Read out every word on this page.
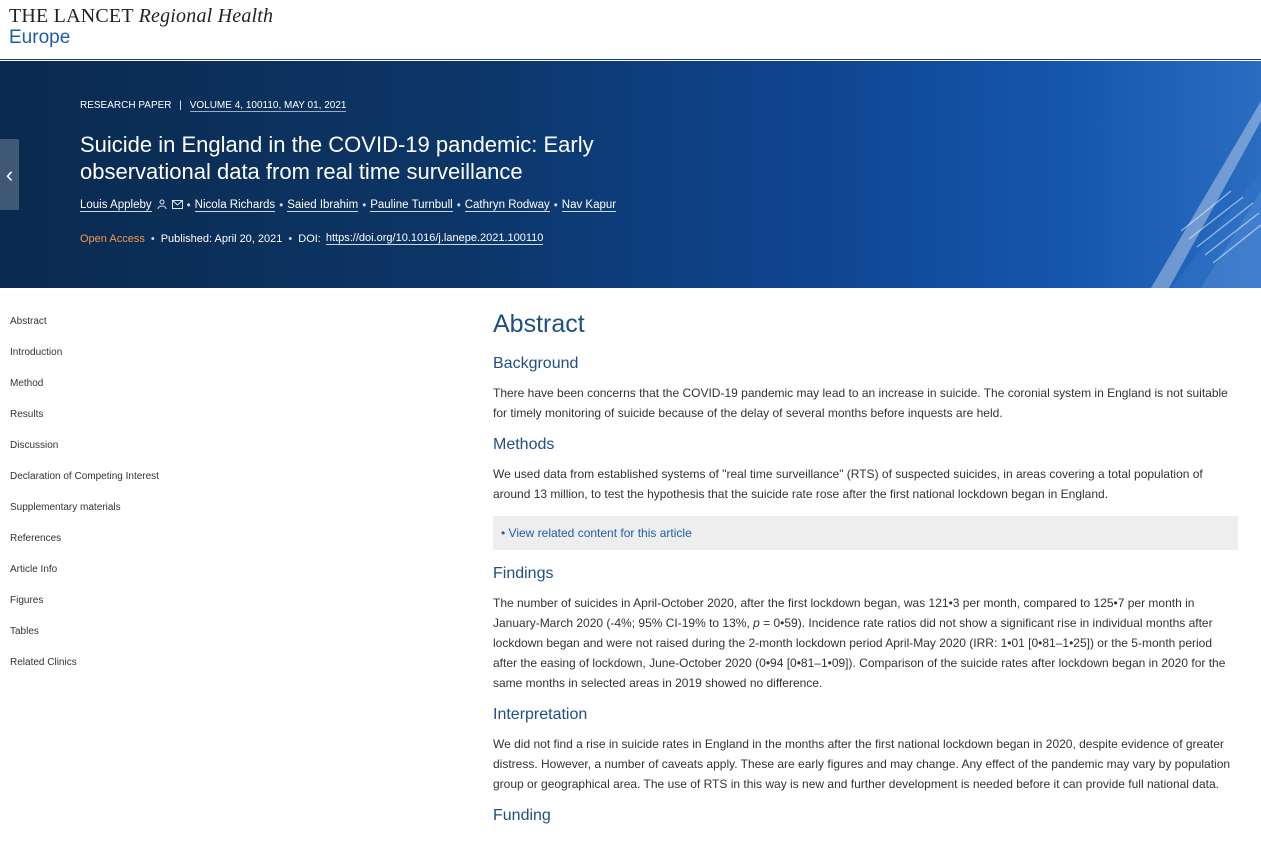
THE LANCET Regional Health
Europe
‹
RESEARCH PAPER | VOLUME 4, 100110, MAY 01, 2021
Suicide in England in the COVID-19 pandemic: Early observational data from real time surveillance
Louis Appleby	• Nicola Richards • Saied Ibrahim • Pauline Turnbull • Cathryn Rodway • Nav Kapur
Open Access • Published: April 20, 2021 • DOI: https://doi.org/10.1016/j.lanepe.2021.100110
Abstract
Introduction
Method
Results
Discussion
Declaration of Competing Interest
Supplementary materials
References
Article Info
Figures
Tables
Related Clinics
Abstract
Background

There have been concerns that the COVID-19 pandemic may lead to an increase in suicide. The coronial system in England is not suitable for timely monitoring of suicide because of the delay of several months before inquests are held.

Methods

We used data from established systems of "real time surveillance" (RTS) of suspected suicides, in areas covering a total population of around 13 million, to test the hypothesis that the suicide rate rose after the first national lockdown began in England.

• View related content for this article
Findings

The number of suicides in April-October 2020, after the first lockdown began, was 121•3 per month, compared to 125•7 per month in January-March 2020 (-4%; 95% CI-19% to 13%, p = 0•59). Incidence rate ratios did not show a significant rise in individual months after lockdown began and were not raised during the 2-month lockdown period April-May 2020 (IRR: 1•01 [0•81–1•25]) or the 5-month period after the easing of lockdown, June-October 2020 (0•94 [0•81–1•09]). Comparison of the suicide rates after lockdown began in 2020 for the same months in selected areas in 2019 showed no difference.

Interpretation

We did not find a rise in suicide rates in England in the months after the first national lockdown began in 2020, despite evidence of greater distress. However, a number of caveats apply. These are early figures and may change. Any effect of the pandemic may vary by population group or geographical area. The use of RTS in this way is new and further development is needed before it can provide full national data.

Funding
